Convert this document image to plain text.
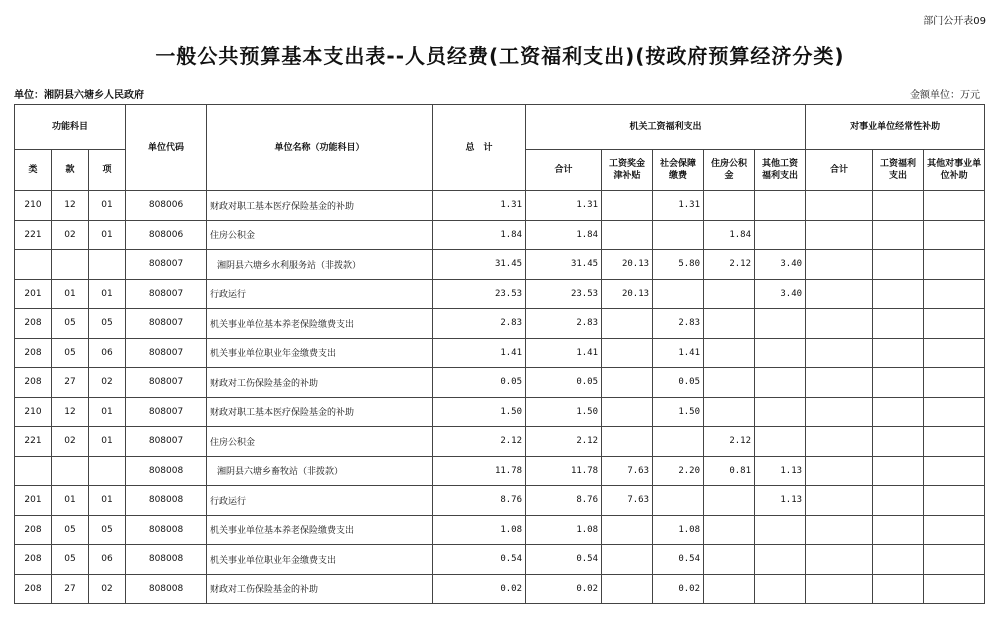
部门公开表09
一般公共预算基本支出表--人员经费(工资福利支出)(按政府预算经济分类)
单位：湘阴县六塘乡人民政府	金额单位：万元
功能科目			单位代码	单位名称（功能科目）	总　计	机关工资福利支出					对事业单位经常性补助		
类	款	项				合计	工资奖金津补贴	社会保障缴费	住房公积金	其他工资福利支出	合计	工资福利支出	其他对事业单位补助
210	12	01	808006	财政对职工基本医疗保险基金的补助	1.31	1.31		1.31					
221	02	01	808006	住房公积金	1.84	1.84			1.84				
			808007	湘阴县六塘乡水利服务站（非拨款）	31.45	31.45	20.13	5.80	2.12	3.40			
201	01	01	808007	行政运行	23.53	23.53	20.13			3.40			
208	05	05	808007	机关事业单位基本养老保险缴费支出	2.83	2.83		2.83					
208	05	06	808007	机关事业单位职业年金缴费支出	1.41	1.41		1.41					
208	27	02	808007	财政对工伤保险基金的补助	0.05	0.05		0.05					
210	12	01	808007	财政对职工基本医疗保险基金的补助	1.50	1.50		1.50					
221	02	01	808007	住房公积金	2.12	2.12			2.12				
			808008	湘阴县六塘乡畜牧站（非拨款）	11.78	11.78	7.63	2.20	0.81	1.13			
201	01	01	808008	行政运行	8.76	8.76	7.63			1.13			
208	05	05	808008	机关事业单位基本养老保险缴费支出	1.08	1.08		1.08					
208	05	06	808008	机关事业单位职业年金缴费支出	0.54	0.54		0.54					
208	27	02	808008	财政对工伤保险基金的补助	0.02	0.02		0.02					
